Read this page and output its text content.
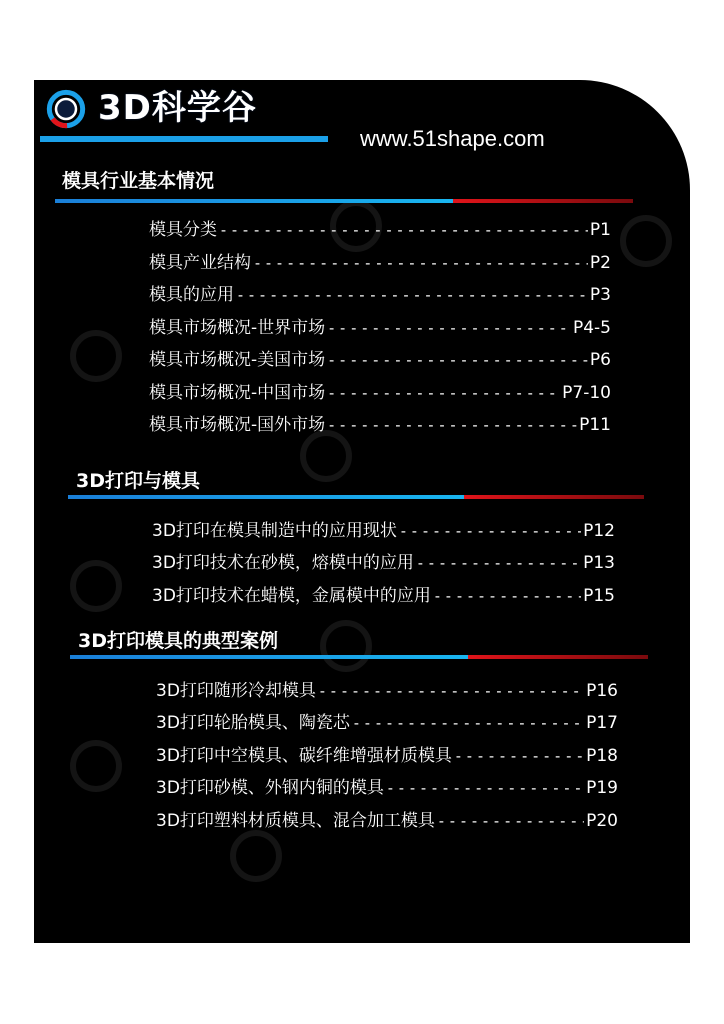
3D科学谷
www.51shape.com
模具行业基本情况
模具分类 -----	P1
模具产业结构 -----	P2
模具的应用 -----	P3
模具市场概况-世界市场 -----	P4-5
模具市场概况-美国市场 -----	P6
模具市场概况-中国市场 -----	P7-10
模具市场概况-国外市场 -----	P11
3D打印与模具
3D打印在模具制造中的应用现状 -----	P12
3D打印技术在砂模，熔模中的应用 -----	P13
3D打印技术在蜡模，金属模中的应用 -----	P15
3D打印模具的典型案例
3D打印随形冷却模具 -----	P16
3D打印轮胎模具、陶瓷芯 -----	P17
3D打印中空模具、碳纤维增强材质模具 -----	P18
3D打印砂模、外钢内铜的模具 -----	P19
3D打印塑料材质模具、混合加工模具 -----	P20
